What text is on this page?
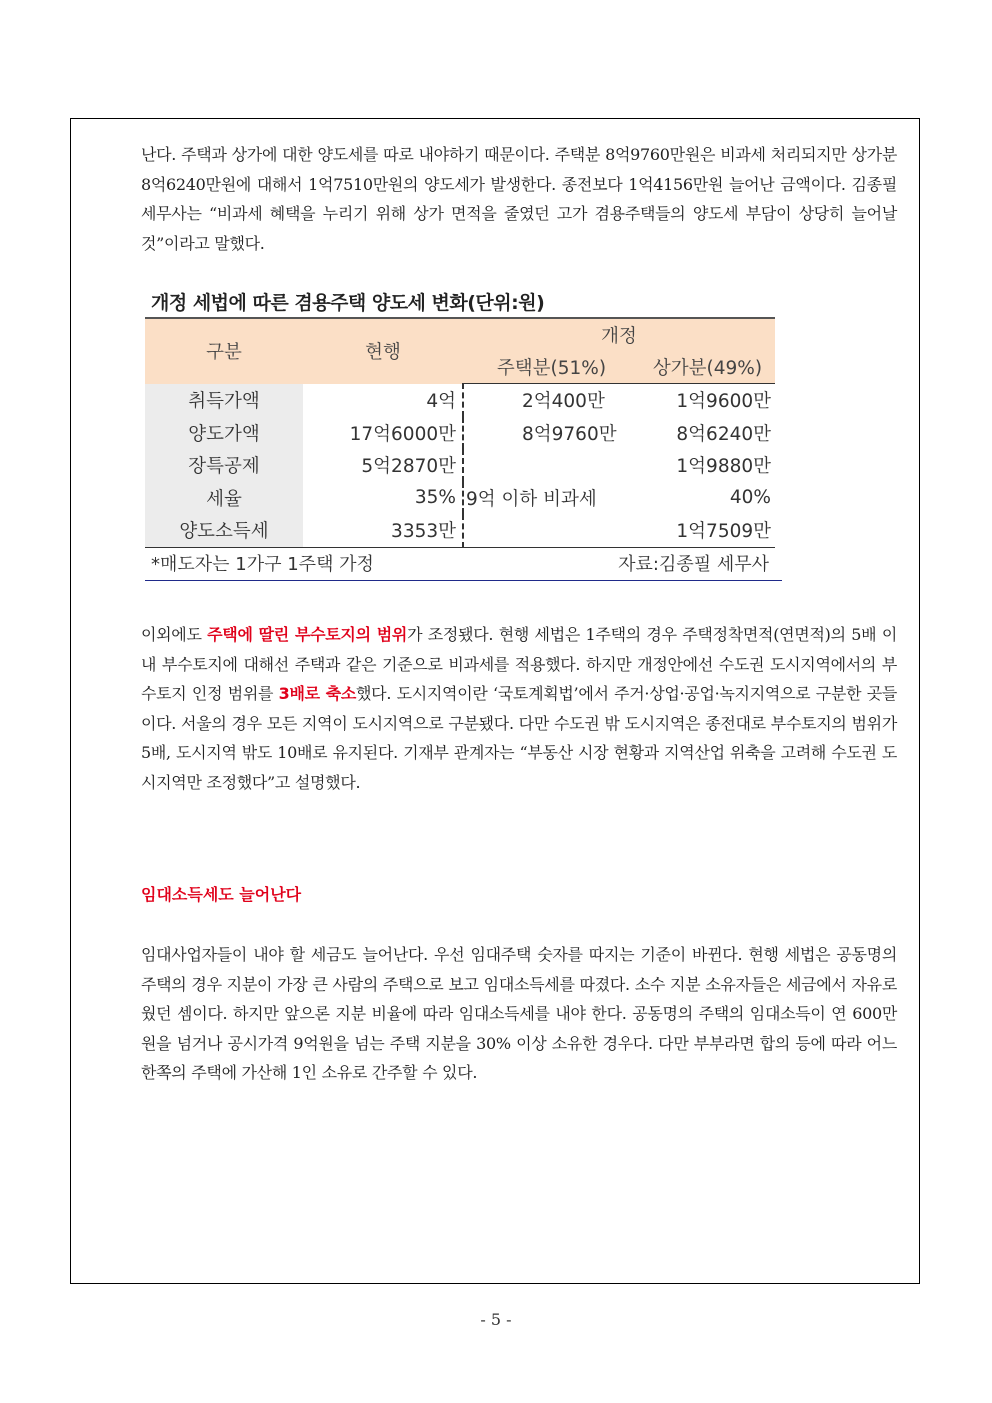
난다. 주택과 상가에 대한 양도세를 따로 내야하기 때문이다. 주택분 8억9760만원은 비과세 처리되지만 상가분 8억6240만원에 대해서 1억7510만원의 양도세가 발생한다. 종전보다 1억4156만원 늘어난 금액이다. 김종필 세무사는 “비과세 혜택을 누리기 위해 상가 면적을 줄였던 고가 겸용주택들의 양도세 부담이 상당히 늘어날 것”이라고 말했다.

개정 세법에 따른 겸용주택 양도세 변화(단위:원)
구분	현행	개정	
		주택분(51%)	상가분(49%)
취득가액	4억	2억400만	1억9600만
양도가액	17억6000만	8억9760만	8억6240만
장특공제	5억2870만		1억9880만
세율	35%	9억 이하 비과세	40%
양도소득세	3353만		1억7509만
*매도자는 1가구 1주택 가정	자료:김종필 세무사

이외에도 주택에 딸린 부수토지의 범위가 조정됐다. 현행 세법은 1주택의 경우 주택정착면적(연면적)의 5배 이내 부수토지에 대해선 주택과 같은 기준으로 비과세를 적용했다. 하지만 개정안에선 수도권 도시지역에서의 부수토지 인정 범위를 3배로 축소했다. 도시지역이란 ‘국토계획법’에서 주거·상업·공업·녹지지역으로 구분한 곳들이다. 서울의 경우 모든 지역이 도시지역으로 구분됐다. 다만 수도권 밖 도시지역은 종전대로 부수토지의 범위가 5배, 도시지역 밖도 10배로 유지된다. 기재부 관계자는 “부동산 시장 현황과 지역산업 위축을 고려해 수도권 도시지역만 조정했다”고 설명했다.

임대소득세도 늘어난다

임대사업자들이 내야 할 세금도 늘어난다. 우선 임대주택 숫자를 따지는 기준이 바뀐다. 현행 세법은 공동명의 주택의 경우 지분이 가장 큰 사람의 주택으로 보고 임대소득세를 따졌다. 소수 지분 소유자들은 세금에서 자유로웠던 셈이다. 하지만 앞으론 지분 비율에 따라 임대소득세를 내야 한다. 공동명의 주택의 임대소득이 연 600만원을 넘거나 공시가격 9억원을 넘는 주택 지분을 30% 이상 소유한 경우다. 다만 부부라면 합의 등에 따라 어느 한쪽의 주택에 가산해 1인 소유로 간주할 수 있다.

- 5 -
